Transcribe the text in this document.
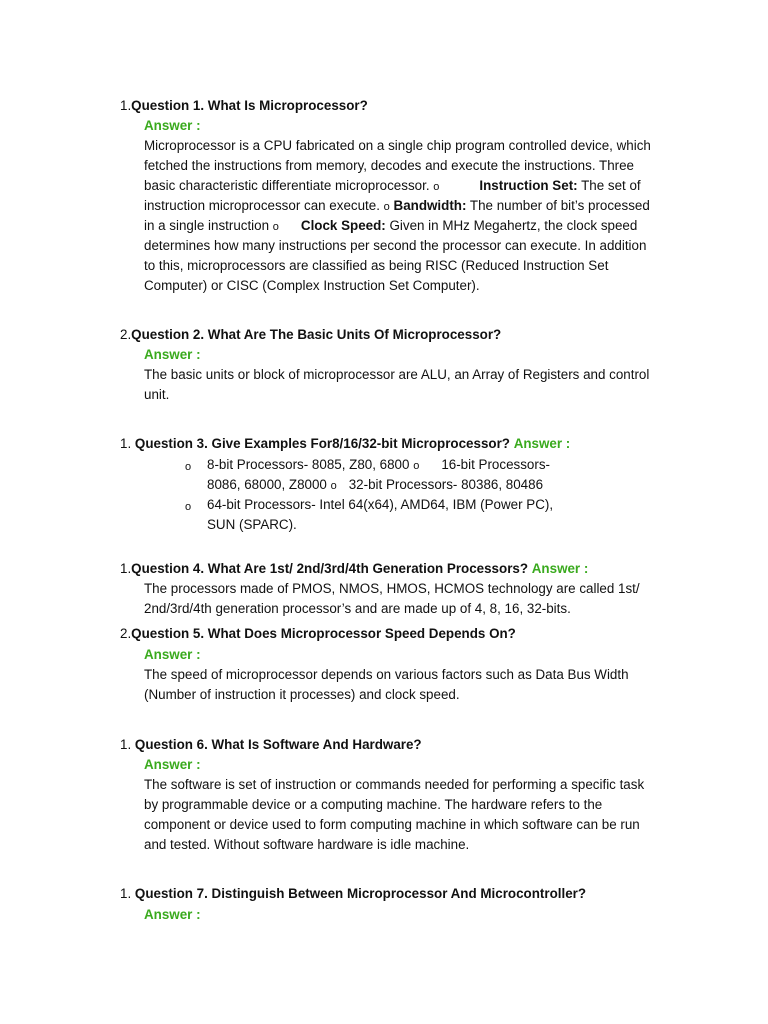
1.Question 1. What Is Microprocessor?
Answer :
Microprocessor is a CPU fabricated on a single chip program controlled device, which
fetched the instructions from memory, decodes and execute the instructions. Three
basic characteristic differentiate microprocessor. o	Instruction Set: The set of
instruction microprocessor can execute. o Bandwidth: The number of bit’s processed
in a single instruction o Clock Speed: Given in MHz Megahertz, the clock speed
determines how many instructions per second the processor can execute. In addition
to this, microprocessors are classified as being RISC (Reduced Instruction Set
Computer) or CISC (Complex Instruction Set Computer).
2.Question 2. What Are The Basic Units Of Microprocessor?
Answer :
The basic units or block of microprocessor are ALU, an Array of Registers and control
unit.
1. Question 3. Give Examples For8/16/32-bit Microprocessor? Answer :
o 8-bit Processors- 8085, Z80, 6800 o 16-bit Processors-
8086, 68000, Z8000 o 32-bit Processors- 80386, 80486
o 64-bit Processors- Intel 64(x64), AMD64, IBM (Power PC),
SUN (SPARC).
1.Question 4. What Are 1st/ 2nd/3rd/4th Generation Processors? Answer :
The processors made of PMOS, NMOS, HMOS, HCMOS technology are called 1st/
2nd/3rd/4th generation processor’s and are made up of 4, 8, 16, 32-bits.
2.Question 5. What Does Microprocessor Speed Depends On?
Answer :
The speed of microprocessor depends on various factors such as Data Bus Width
(Number of instruction it processes) and clock speed.
1. Question 6. What Is Software And Hardware?
Answer :
The software is set of instruction or commands needed for performing a specific task
by programmable device or a computing machine. The hardware refers to the
component or device used to form computing machine in which software can be run
and tested. Without software hardware is idle machine.
1. Question 7. Distinguish Between Microprocessor And Microcontroller?
Answer :
